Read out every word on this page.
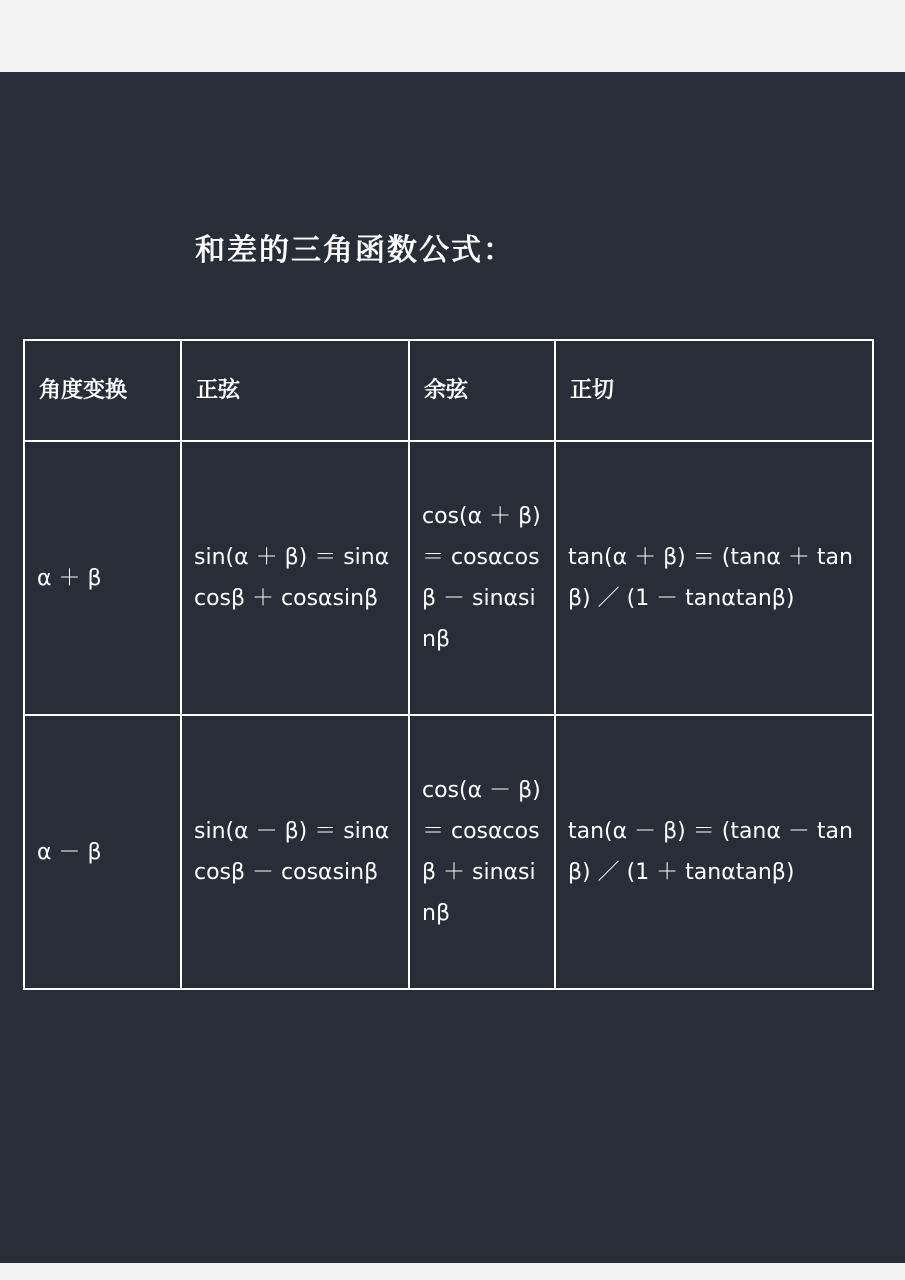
和差的三角函数公式：
角度变换	正弦	余弦	正切
α ＋ β	sin(α ＋ β) ＝ sinαcosβ ＋ cosαsinβ	cos(α ＋ β) ＝ cosαcosβ － sinαsinβ	tan(α ＋ β) ＝ (tanα ＋ tanβ) ／ (1 － tanαtanβ)
α － β	sin(α － β) ＝ sinαcosβ － cosαsinβ	cos(α － β) ＝ cosαcosβ ＋ sinαsinβ	tan(α － β) ＝ (tanα － tanβ) ／ (1 ＋ tanαtanβ)
